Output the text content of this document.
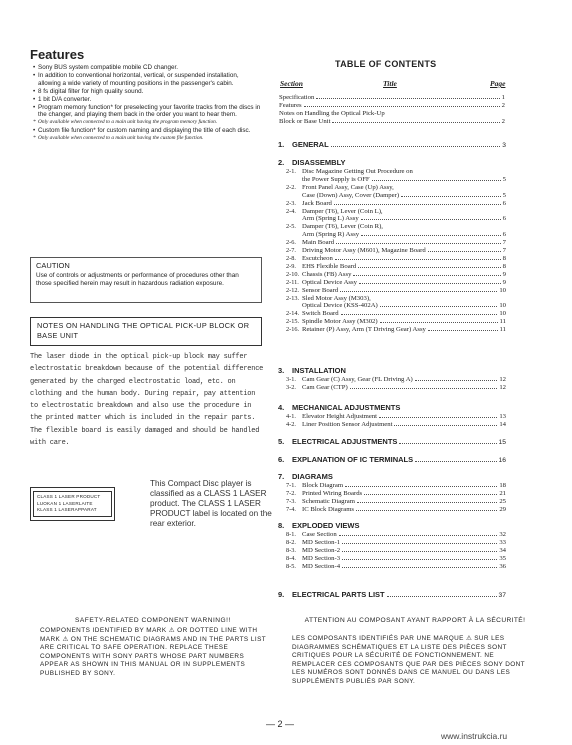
Features
• Sony BUS system compatible mobile CD changer.
• In addition to conventional horizontal, vertical, or suspended installation, allowing a wide variety of mounting positions in the passenger's cabin.
• 8 fs digital filter for high quality sound.
• 1 bit D/A converter.
• Program memory function* for preselecting your favorite tracks from the discs in the changer, and playing them back in the order you want to hear them.
* Only available when connected to a main unit having the program memory function.
• Custom file function* for custom naming and displaying the title of each disc.
* Only available when connected to a main unit having the custom file function.
CAUTION
Use of controls or adjustments or performance of procedures other than those specified herein may result in hazardous radiation exposure.
NOTES ON HANDLING THE OPTICAL PICK-UP BLOCK OR BASE UNIT
The laser diode in the optical pick-up block may suffer electrostatic breakdown because of the potential difference generated by the charged electrostatic load, etc. on clothing and the human body. During repair, pay attention to electrostatic breakdown and also use the procedure in the printed matter which is included in the repair parts. The flexible board is easily damaged and should be handled with care.
CLASS 1 LASER PRODUCT
LUOKAN 1 LASERLAITE
KLASS 1 LASERAPPARAT
This Compact Disc player is classified as a CLASS 1 LASER product. The CLASS 1 LASER PRODUCT label is located on the rear exterior.
TABLE OF CONTENTS
Section	Title	Page
Specification	1
Features	2
Notes on Handling the Optical Pick-Up
Block or Base Unit	2
1.	GENERAL	3
2.	DISASSEMBLY
2-1. Disc Magazine Getting Out Procedure on
the Power Supply is OFF	5
2-2. Front Panel Assy, Case (Up) Assy,
Case (Down) Assy, Cover (Damper)	5
2-3. Jack Board	6
2-4. Damper (T6), Lever (Coin L),
Arm (Spring L) Assy	6
2-5. Damper (T6), Lever (Coin R),
Arm (Spring R) Assy	6
2-6. Main Board	7
2-7. Driving Motor Assy (M601), Magazine Board	7
2-8. Escutcheon	8
2-9. EHS Flexible Board	8
2-10. Chassis (FB) Assy	9
2-11. Optical Device Assy	9
2-12. Sensor Board	10
2-13. Sled Motor Assy (M303),
Optical Device (KSS-402A)	10
2-14. Switch Board	10
2-15. Spindle Motor Assy (M302)	11
2-16. Retainer (P) Assy, Arm (T Driving Gear) Assy	11
3.	INSTALLATION
3-1. Cam Gear (C) Assy, Gear (FL Driving A)	12
3-2. Cam Gear (CTP)	12
4.	MECHANICAL ADJUSTMENTS
4-1. Elevator Height Adjustment	13
4-2. Liner Position Sensor Adjustment	14
5.	ELECTRICAL ADJUSTMENTS	15
6.	EXPLANATION OF IC TERMINALS	16
7.	DIAGRAMS
7-1. Block Diagram	18
7-2. Printed Wiring Boards	21
7-3. Schematic Diagram	25
7-4. IC Block Diagrams	29
8.	EXPLODED VIEWS
8-1. Case Section	32
8-2. MD Section-1	33
8-3. MD Section-2	34
8-4. MD Section-3	35
8-5. MD Section-4	36
9.	ELECTRICAL PARTS LIST	37
SAFETY-RELATED COMPONENT WARNING!!
COMPONENTS IDENTIFIED BY MARK ⚠ OR DOTTED LINE WITH MARK ⚠ ON THE SCHEMATIC DIAGRAMS AND IN THE PARTS LIST ARE CRITICAL TO SAFE OPERATION. REPLACE THESE COMPONENTS WITH SONY PARTS WHOSE PART NUMBERS APPEAR AS SHOWN IN THIS MANUAL OR IN SUPPLEMENTS PUBLISHED BY SONY.
ATTENTION AU COMPOSANT AYANT RAPPORT À LA SÉCURITÉ!
LES COMPOSANTS IDENTIFIÉS PAR UNE MARQUE ⚠ SUR LES DIAGRAMMES SCHÉMATIQUES ET LA LISTE DES PIÈCES SONT CRITIQUES POUR LA SÉCURITÉ DE FONCTIONNEMENT. NE REMPLACER CES COMPOSANTS QUE PAR DES PIÈCES SONY DONT LES NUMÉROS SONT DONNÉS DANS CE MANUEL OU DANS LES SUPPLÉMENTS PUBLIÉS PAR SONY.
— 2 —
www.instrukcia.ru
